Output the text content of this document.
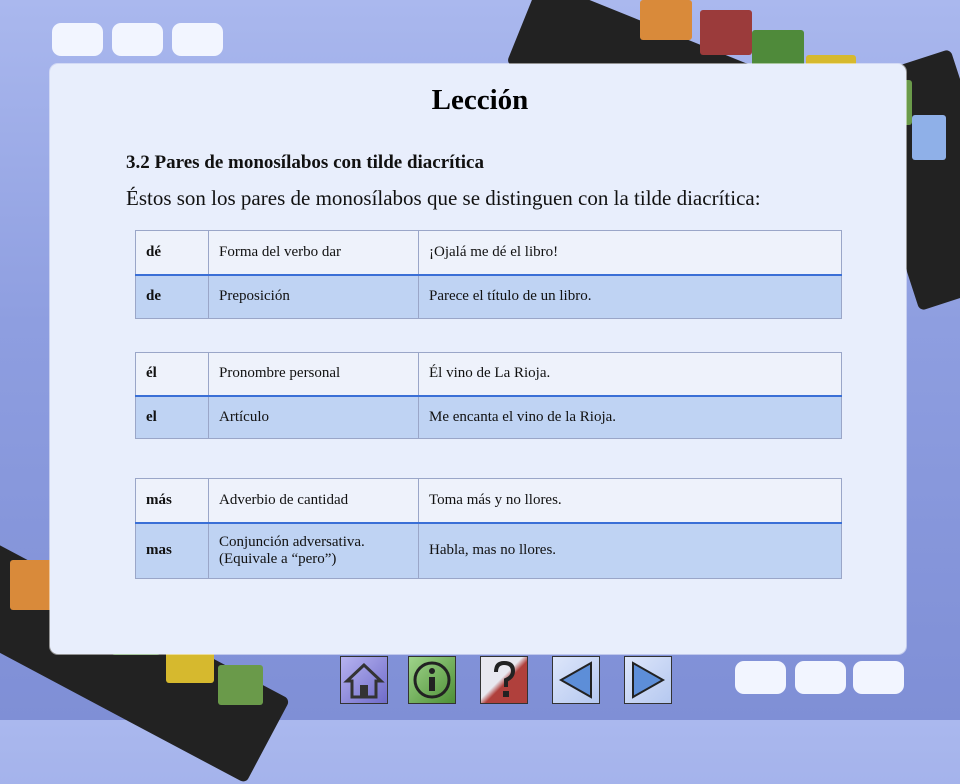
Lección
3.2 Pares de monosílabos con tilde diacrítica
Éstos son los pares de monosílabos que se distinguen con la tilde diacrítica:
dé	Forma del verbo dar	¡Ojalá me dé el libro!
de	Preposición	Parece el título de un libro.
él	Pronombre personal	Él vino de La Rioja.
el	Artículo	Me encanta el vino de la Rioja.
más	Adverbio de cantidad	Toma más y no llores.
mas	Conjunción adversativa. (Equivale a “pero”)	Habla, mas no llores.
